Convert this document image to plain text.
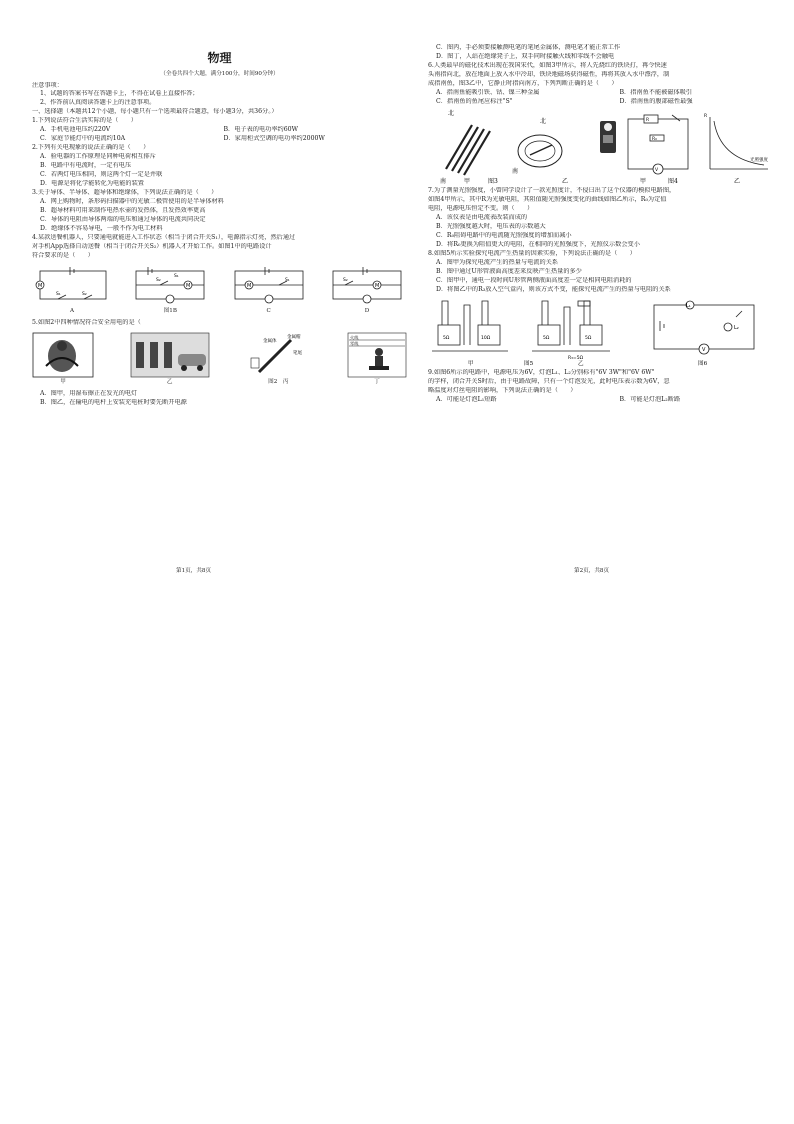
物理
（全卷共四个大题，满分100分，时间90分钟）
注意事项：
1、试题的答案书写在答题卡上，不得在试卷上直接作答；
2、作答前认真阅读答题卡上的注意事项。
一、选择题（本题共12个小题，每小题只有一个选项最符合题意，每小题3分，共36分。）
1.下列说法符合生活实际的是（　　）
A．手机电池电压约220V	B．电子表的电功率约60W
C．家庭节能灯中的电流约10A	D．家用柜式空调的电功率约2000W
2.下列有关电现象的说法正确的是（　　）
A．验电器的工作原理是同种电荷相互排斥
B．电路中有电流时，一定有电压
C．若两灯电压相同，则这两个灯一定是并联
D．电源是将化学能转化为电能的装置
3.关于导体、半导体、超导体和绝缘体，下列说法正确的是（　　）
A．网上购物时，条形码扫描器中的光敏二极管使用的是半导体材料
B．超导材料可用来制作电热水壶的发热体，且发热效率更高
C．导体的电阻由导体两端的电压和通过导体的电流共同决定
D．绝缘体不容易导电，一般不作为电工材料
4.某款送餐机器人，只要通电就能进入工作状态（相当于闭合开关S₁），电源指示灯亮，然后通过
对手机App选择自动送餐（相当于闭合开关S₂）机器人才开始工作。如图1中的电路设计
符合要求的是（　　）
M
S₁	S₂
A
M
S₂
S₁
图1B
M
S₁
C
M
S₂
D
5.如图2中四种情况符合安全用电的是（
甲	乙
金属体
金属帽
笔尾
图2　丙
火线
零线
丁
A．图甲，用湿布擦正在发光的电灯
B．图乙，在输电的电杆上安装充电桩时要先断开电源
第1页，共8页
C．图丙，手必须要接触测电笔的笔尾金属体，测电笔才能正常工作
D．图丁，人站在绝缘凳子上，双手同时接触火线和零线不会触电
6.人类最早的磁化技术出现在我国宋代，如图3甲所示，将人先烧红的铁块打，再令快速
头南指向北，放在地面上放入水中冷却，铁块地磁场获得磁性，再将其放入水中漂浮，制
成指南鱼，图3乙中，它静止时指向南方，下列判断正确的是（　　）
A．指南鱼能吸引铁、钴、镍三种金属	B．指南鱼不能被磁体吸引
C．指南鱼的鱼尾应标注"S"	D．指南鱼的腹部磁性最强
北
南	甲	图3
北
南
乙
R
R₀
V
甲	图4
R
光照强度
乙
7.为了测量光照强度，小曾同学设计了一款光照度计，不侵曰出了这个仪器的模拟电路图，
如图4甲所示，其中R为光敏电阻，其阻值随光照强度变化的曲线如图乙所示，R₀为定值
电阻，电源电压恒定不变。则（　　）
A．该仪表是由电流表改装而成的
B．光照强度越大时，电压表的示数越大
C．R₀阻碍电路中的电流随光照强度的增加而减小
D．将R₀更换为阻值更大的电阻，在相同的光照强度下，光照仪示数会变小
8.如图5所示实验探究电流产生热量的因素实验，下列说法正确的是（　　）
A．图甲为探究电流产生的热量与电流的关系
B．图中通过U形管液面高度差来反映产生热量的多少
C．图甲中，通电一段时间U形管两侧液面高度差一定是相同电阻消耗的
D．将图乙中的R₃放入空气盒内，则该方式不变，能探究电流产生的热量与电阻的关系
5Ω	10Ω	5Ω	5Ω
R₃=5Ω
甲	图5	乙
L₁
L₂
V
图6
9.如图6所示的电路中，电源电压为6V，灯泡L₁、L₂分别标有"6V 3W"和"6V 6W"
的字样，闭合开关S时后，由于电路故障，只有一个灯泡发光，此时电压表示数为6V，忽
略温度对灯丝电阻的影响，下列说法正确的是（　　）
A．可能是灯泡L₁短路	B．可能是灯泡L₂断路
第2页，共8页
